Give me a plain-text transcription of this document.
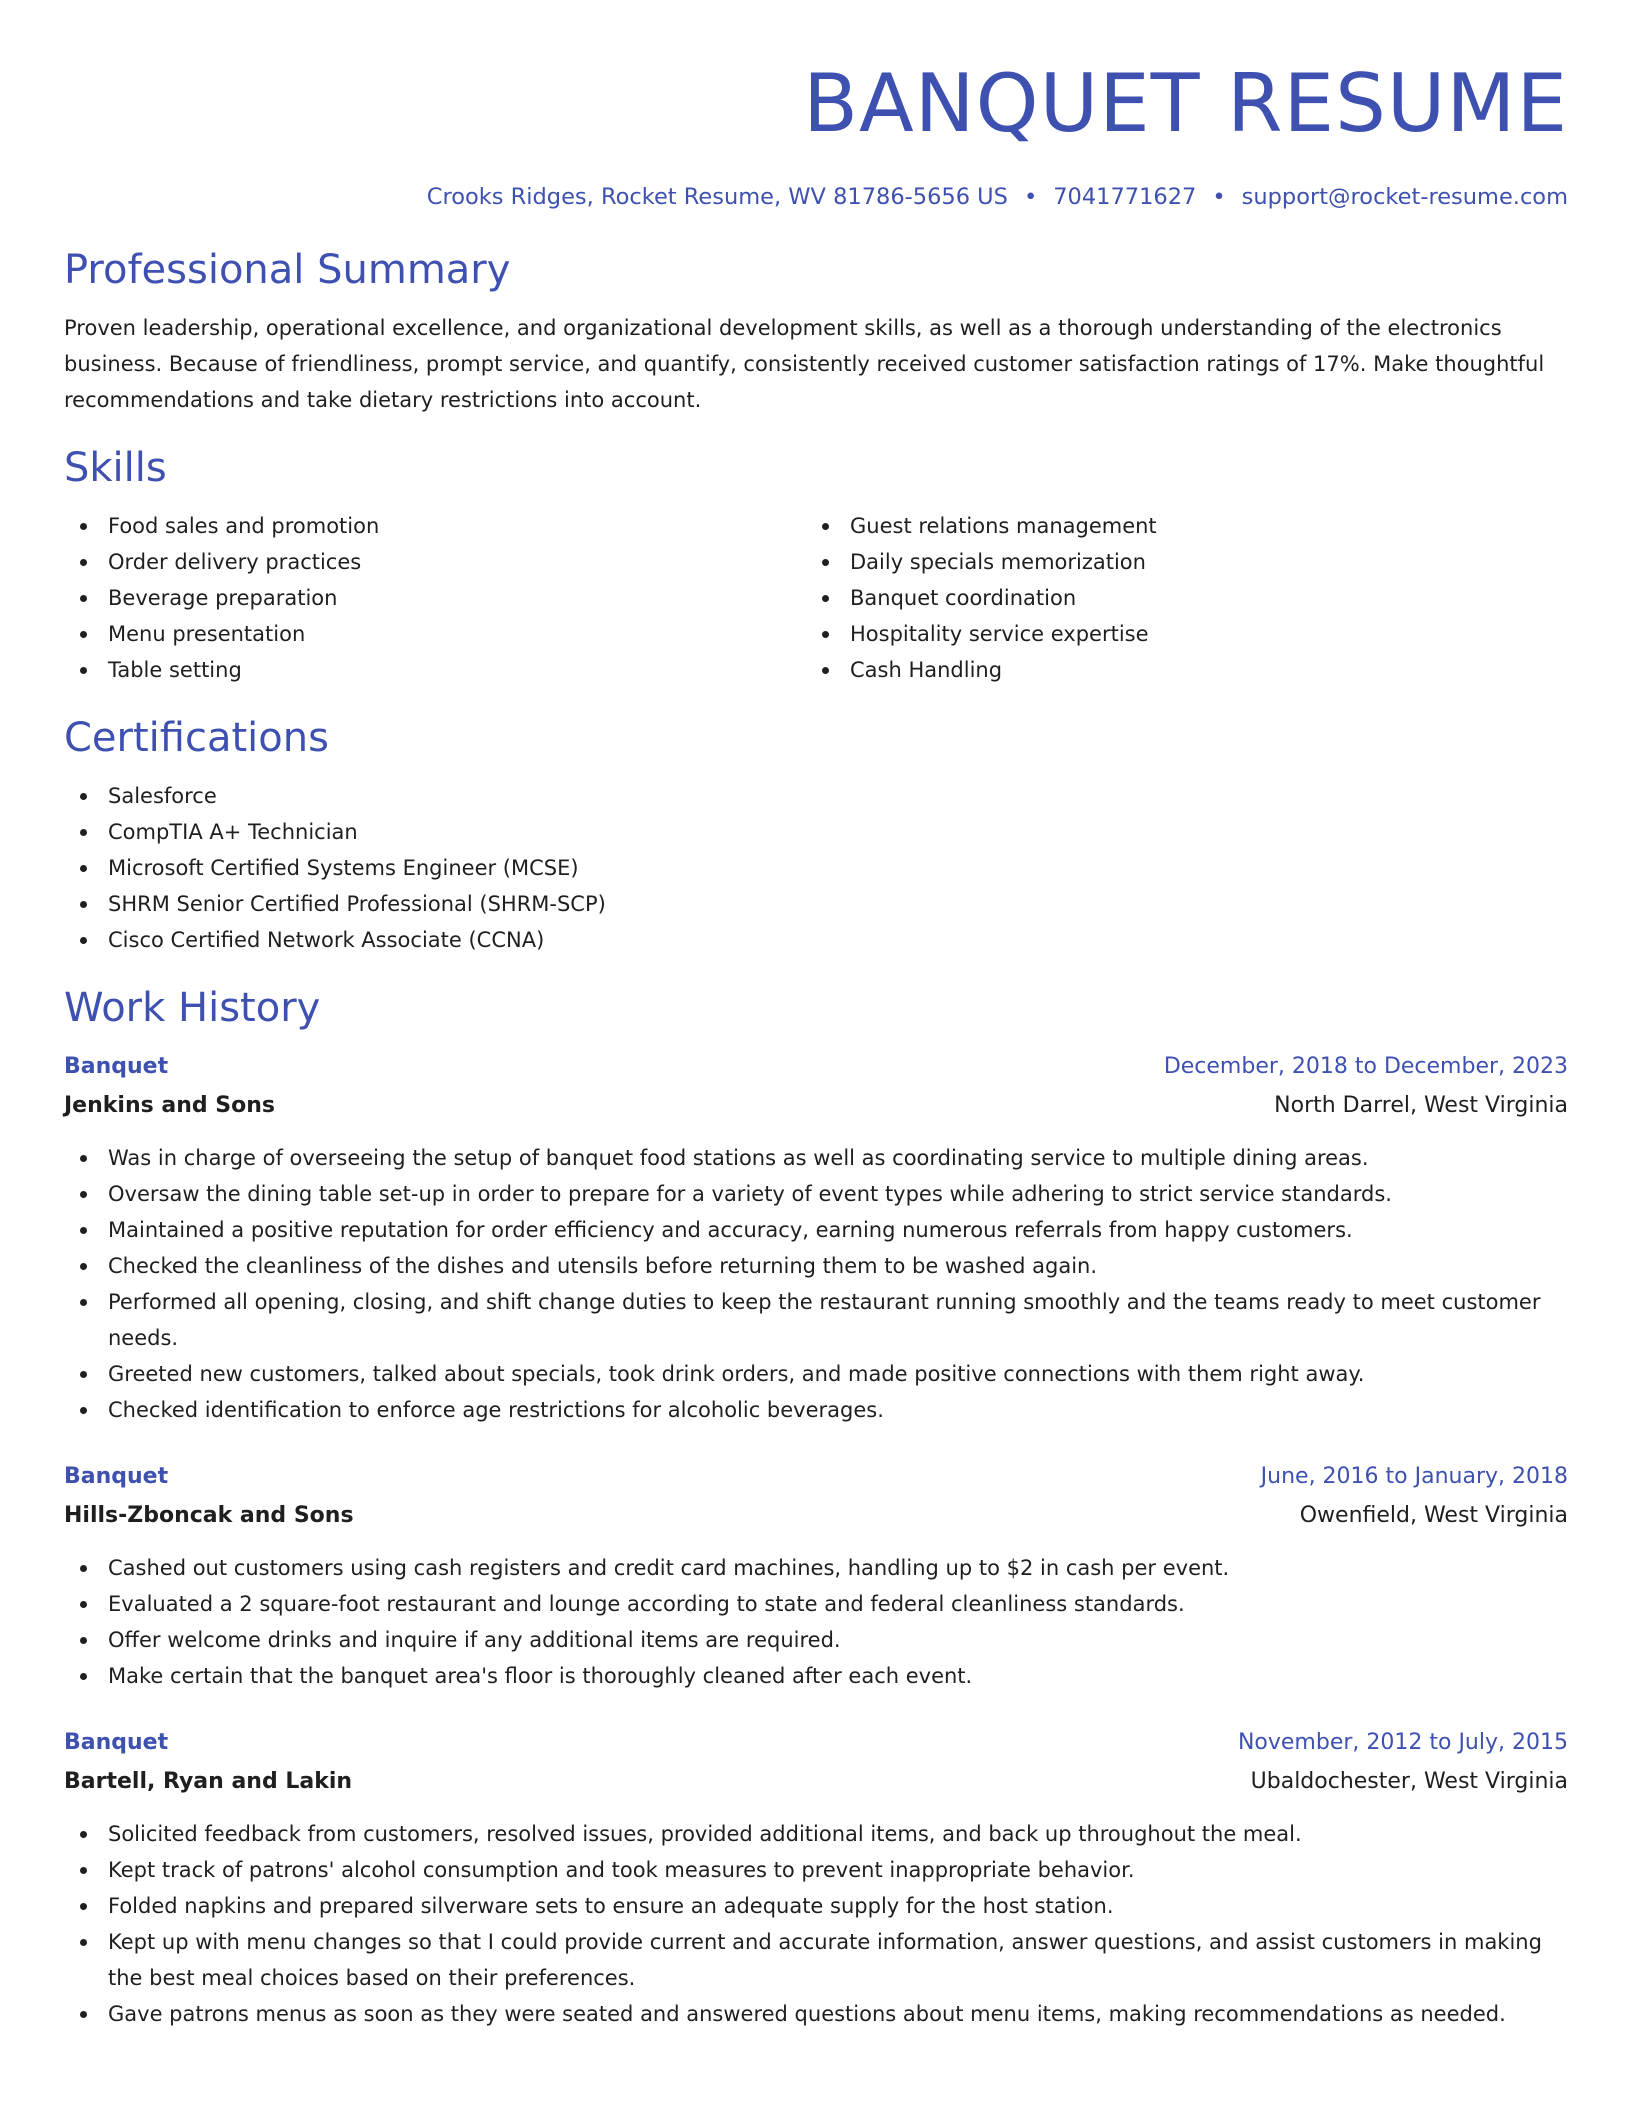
BANQUET RESUME
Crooks Ridges, Rocket Resume, WV 81786-5656 US • 7041771627 • support@rocket-resume.com
Professional Summary

Proven leadership, operational excellence, and organizational development skills, as well as a thorough understanding of the electronics business. Because of friendliness, prompt service, and quantify, consistently received customer satisfaction ratings of 17%. Make thoughtful recommendations and take dietary restrictions into account.

Skills
Food sales and promotion
Order delivery practices
Beverage preparation
Menu presentation
Table setting
Guest relations management
Daily specials memorization
Banquet coordination
Hospitality service expertise
Cash Handling
Certifications
Salesforce
CompTIA A+ Technician
Microsoft Certified Systems Engineer (MCSE)
SHRM Senior Certified Professional (SHRM-SCP)
Cisco Certified Network Associate (CCNA)
Work History
Banquet	December, 2018 to December, 2023
Jenkins and Sons	North Darrel, West Virginia
Was in charge of overseeing the setup of banquet food stations as well as coordinating service to multiple dining areas.
Oversaw the dining table set-up in order to prepare for a variety of event types while adhering to strict service standards.
Maintained a positive reputation for order efficiency and accuracy, earning numerous referrals from happy customers.
Checked the cleanliness of the dishes and utensils before returning them to be washed again.
Performed all opening, closing, and shift change duties to keep the restaurant running smoothly and the teams ready to meet customer needs.
Greeted new customers, talked about specials, took drink orders, and made positive connections with them right away.
Checked identification to enforce age restrictions for alcoholic beverages.
Banquet	June, 2016 to January, 2018
Hills-Zboncak and Sons	Owenfield, West Virginia
Cashed out customers using cash registers and credit card machines, handling up to $2 in cash per event.
Evaluated a 2 square-foot restaurant and lounge according to state and federal cleanliness standards.
Offer welcome drinks and inquire if any additional items are required.
Make certain that the banquet area's floor is thoroughly cleaned after each event.
Banquet	November, 2012 to July, 2015
Bartell, Ryan and Lakin	Ubaldochester, West Virginia
Solicited feedback from customers, resolved issues, provided additional items, and back up throughout the meal.
Kept track of patrons' alcohol consumption and took measures to prevent inappropriate behavior.
Folded napkins and prepared silverware sets to ensure an adequate supply for the host station.
Kept up with menu changes so that I could provide current and accurate information, answer questions, and assist customers in making the best meal choices based on their preferences.
Gave patrons menus as soon as they were seated and answered questions about menu items, making recommendations as needed.
